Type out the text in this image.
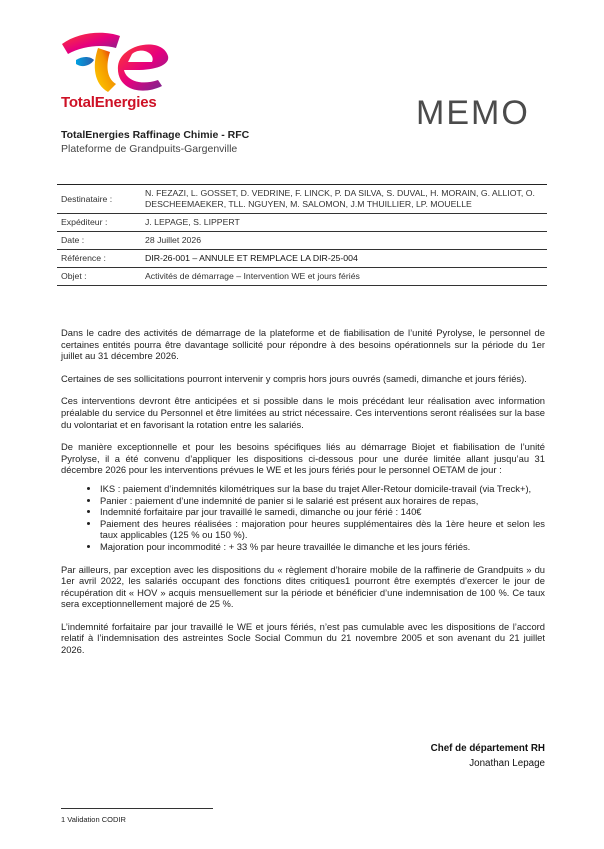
TotalEnergies	MEMO
TotalEnergies Raffinage Chimie - RFC
Plateforme de Grandpuits-Gargenville
Destinataire :	N. FEZAZI, L. GOSSET, D. VEDRINE, F. LINCK, P. DA SILVA, S. DUVAL, H. MORAIN, G. ALLIOT, O. DESCHEEMAEKER, TLL. NGUYEN, M. SALOMON, J.M THUILLIER, LP. MOUELLE
Expéditeur :	J. LEPAGE, S. LIPPERT
Date :	28 Juillet 2026
Référence :	DIR-26-001 – ANNULE ET REMPLACE LA DIR-25-004
Objet :	Activités de démarrage – Intervention WE et jours fériés

Dans le cadre des activités de démarrage de la plateforme et de fiabilisation de l’unité Pyrolyse, le personnel de certaines entités pourra être davantage sollicité pour répondre à des besoins opérationnels sur la période du 1er juillet au 31 décembre 2026.

Certaines de ses sollicitations pourront intervenir y compris hors jours ouvrés (samedi, dimanche et jours fériés).

Ces interventions devront être anticipées et si possible dans le mois précédant leur réalisation avec information préalable du service du Personnel et être limitées au strict nécessaire. Ces interventions seront réalisées sur la base du volontariat et en favorisant la rotation entre les salariés.

De manière exceptionnelle et pour les besoins spécifiques liés au démarrage Biojet et fiabilisation de l’unité Pyrolyse, il a été convenu d’appliquer les dispositions ci-dessous pour une durée limitée allant jusqu’au 31 décembre 2026 pour les interventions prévues le WE et les jours fériés pour le personnel OETAM de jour :

• IKS : paiement d’indemnités kilométriques sur la base du trajet Aller-Retour domicile-travail (via Treck+),
• Panier : paiement d’une indemnité de panier si le salarié est présent aux horaires de repas,
• Indemnité forfaitaire par jour travaillé le samedi, dimanche ou jour férié : 140€
• Paiement des heures réalisées : majoration pour heures supplémentaires dès la 1ère heure et selon les taux applicables (125 % ou 150 %).
• Majoration pour incommodité : + 33 % par heure travaillée le dimanche et les jours fériés.

Par ailleurs, par exception avec les dispositions du « règlement d’horaire mobile de la raffinerie de Grandpuits » du 1er avril 2022, les salariés occupant des fonctions dites critiques1 pourront être exemptés d’exercer le jour de récupération dit « HOV » acquis mensuellement sur la période et bénéficier d’une indemnisation de 100 %. Ce taux sera exceptionnellement majoré de 25 %.

L’indemnité forfaitaire par jour travaillé le WE et jours fériés, n’est pas cumulable avec les dispositions de l’accord relatif à l’indemnisation des astreintes Socle Social Commun du 21 novembre 2005 et son avenant du 21 juillet 2026.

Chef de département RH
Jonathan Lepage
1 Validation CODIR
